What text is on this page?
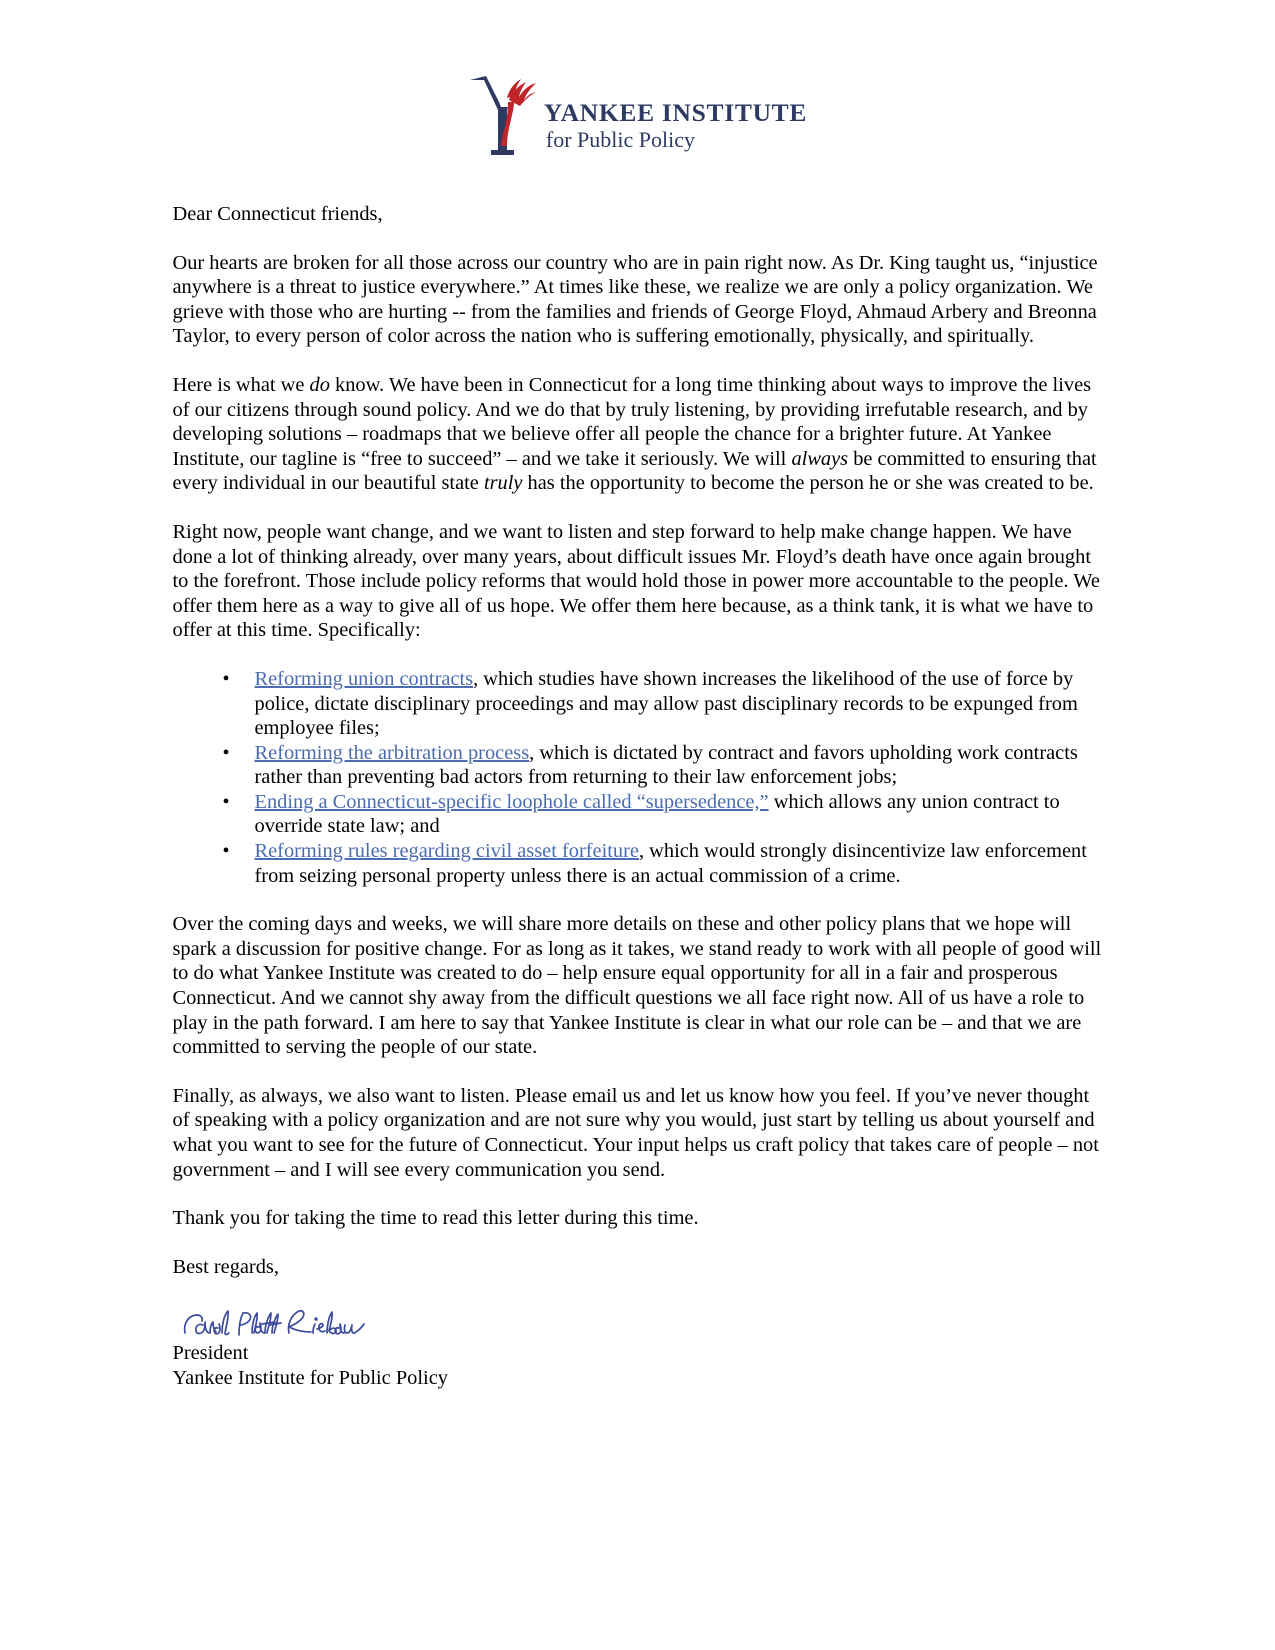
YANKEE INSTITUTE
for Public Policy

Dear Connecticut friends,

Our hearts are broken for all those across our country who are in pain right now. As Dr. King taught us, “injustice anywhere is a threat to justice everywhere.” At times like these, we realize we are only a policy organization. We grieve with those who are hurting -- from the families and friends of George Floyd, Ahmaud Arbery and Breonna Taylor, to every person of color across the nation who is suffering emotionally, physically, and spiritually.

Here is what we do know. We have been in Connecticut for a long time thinking about ways to improve the lives of our citizens through sound policy. And we do that by truly listening, by providing irrefutable research, and by developing solutions – roadmaps that we believe offer all people the chance for a brighter future. At Yankee Institute, our tagline is “free to succeed” – and we take it seriously. We will always be committed to ensuring that every individual in our beautiful state truly has the opportunity to become the person he or she was created to be.

Right now, people want change, and we want to listen and step forward to help make change happen. We have done a lot of thinking already, over many years, about difficult issues Mr. Floyd’s death have once again brought to the forefront. Those include policy reforms that would hold those in power more accountable to the people. We offer them here as a way to give all of us hope. We offer them here because, as a think tank, it is what we have to offer at this time. Specifically:

• Reforming union contracts, which studies have shown increases the likelihood of the use of force by police, dictate disciplinary proceedings and may allow past disciplinary records to be expunged from employee files;
• Reforming the arbitration process, which is dictated by contract and favors upholding work contracts rather than preventing bad actors from returning to their law enforcement jobs;
• Ending a Connecticut-specific loophole called “supersedence,” which allows any union contract to override state law; and
• Reforming rules regarding civil asset forfeiture, which would strongly disincentivize law enforcement from seizing personal property unless there is an actual commission of a crime.

Over the coming days and weeks, we will share more details on these and other policy plans that we hope will spark a discussion for positive change. For as long as it takes, we stand ready to work with all people of good will to do what Yankee Institute was created to do – help ensure equal opportunity for all in a fair and prosperous Connecticut. And we cannot shy away from the difficult questions we all face right now. All of us have a role to play in the path forward. I am here to say that Yankee Institute is clear in what our role can be – and that we are committed to serving the people of our state.

Finally, as always, we also want to listen. Please email us and let us know how you feel. If you’ve never thought of speaking with a policy organization and are not sure why you would, just start by telling us about yourself and what you want to see for the future of Connecticut. Your input helps us craft policy that takes care of people – not government – and I will see every communication you send.

Thank you for taking the time to read this letter during this time.

Best regards,

President

Yankee Institute for Public Policy
